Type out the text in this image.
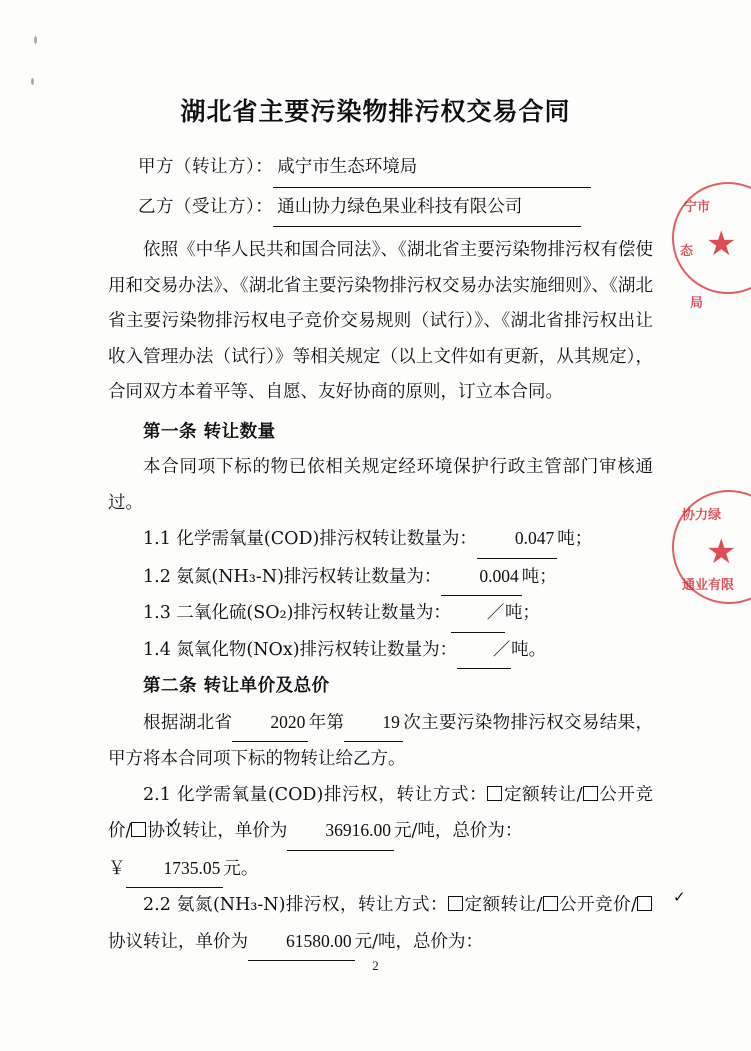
湖北省主要污染物排污权交易合同
甲方（转让方）： 咸宁市生态环境局
乙方（受让方）： 通山协力绿色果业科技有限公司

依照《中华人民共和国合同法》、《湖北省主要污染物排污权有偿使用和交易办法》、《湖北省主要污染物排污权交易办法实施细则》、《湖北省主要污染物排污权电子竞价交易规则（试行）》、《湖北省排污权出让收入管理办法（试行）》等相关规定（以上文件如有更新，从其规定），合同双方本着平等、自愿、友好协商的原则，订立本合同。

第一条 转让数量

本合同项下标的物已依相关规定经环境保护行政主管部门审核通过。

1.1 化学需氧量(COD)排污权转让数量为： 0.047 吨；

1.2 氨氮(NH₃-N)排污权转让数量为： 0.004 吨；

1.3 二氧化硫(SO₂)排污权转让数量为： ／吨；

1.4 氮氧化物(NOx)排污权转让数量为： ／吨。

第二条 转让单价及总价

根据湖北省 2020 年第 19 次主要污染物排污权交易结果，甲方将本合同项下标的物转让给乙方。

2.1 化学需氧量(COD)排污权，转让方式： 定额转让/ 公开竞价/ ✓ 协议转让，单价为 36916.00 元/吨，总价为：
￥ 1735.05 元。

2.2 氨氮(NH₃-N)排污权，转让方式： 定额转让/ 公开竞价/✓协议转让，单价为 61580.00 元/吨，总价为：

2
★
宁市
态
局
★
协力绿
通业有限
